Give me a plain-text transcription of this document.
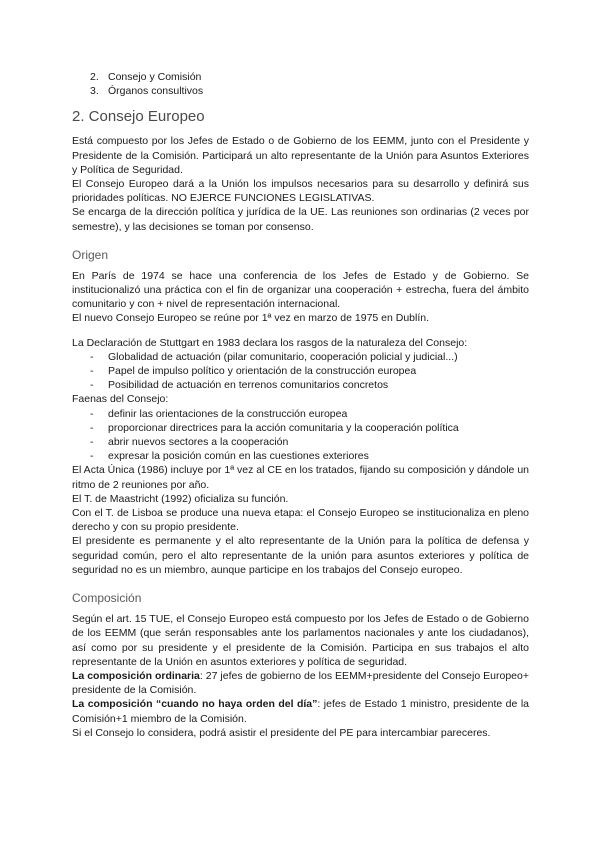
2. Consejo y Comisión
3. Órganos consultivos
2. Consejo Europeo

Está compuesto por los Jefes de Estado o de Gobierno de los EEMM, junto con el Presidente y Presidente de la Comisión. Participará un alto representante de la Unión para Asuntos Exteriores y Política de Seguridad.

El Consejo Europeo dará a la Unión los impulsos necesarios para su desarrollo y definirá sus prioridades políticas. NO EJERCE FUNCIONES LEGISLATIVAS.

Se encarga de la dirección política y jurídica de la UE. Las reuniones son ordinarias (2 veces por semestre), y las decisiones se toman por consenso.

Origen

En París de 1974 se hace una conferencia de los Jefes de Estado y de Gobierno. Se institucionalizó una práctica con el fin de organizar una cooperación + estrecha, fuera del ámbito comunitario y con + nivel de representación internacional.

El nuevo Consejo Europeo se reúne por 1ª vez en marzo de 1975 en Dublín.

La Declaración de Stuttgart en 1983 declara los rasgos de la naturaleza del Consejo:

- Globalidad de actuación (pilar comunitario, cooperación policial y judicial...)
- Papel de impulso político y orientación de la construcción europea
- Posibilidad de actuación en terrenos comunitarios concretos

Faenas del Consejo:

- definir las orientaciones de la construcción europea
- proporcionar directrices para la acción comunitaria y la cooperación política
- abrir nuevos sectores a la cooperación
- expresar la posición común en las cuestiones exteriores

El Acta Única (1986) incluye por 1ª vez al CE en los tratados, fijando su composición y dándole un ritmo de 2 reuniones por año.

El T. de Maastricht (1992) oficializa su función.

Con el T. de Lisboa se produce una nueva etapa: el Consejo Europeo se institucionaliza en pleno derecho y con su propio presidente.

El presidente es permanente y el alto representante de la Unión para la política de defensa y seguridad común, pero el alto representante de la unión para asuntos exteriores y política de seguridad no es un miembro, aunque participe en los trabajos del Consejo europeo.

Composición

Según el art. 15 TUE, el Consejo Europeo está compuesto por los Jefes de Estado o de Gobierno de los EEMM (que serán responsables ante los parlamentos nacionales y ante los ciudadanos), así como por su presidente y el presidente de la Comisión. Participa en sus trabajos el alto representante de la Unión en asuntos exteriores y política de seguridad.

La composición ordinaria: 27 jefes de gobierno de los EEMM+presidente del Consejo Europeo+ presidente de la Comisión.

La composición “cuando no haya orden del día”: jefes de Estado 1 ministro, presidente de la Comisión+1 miembro de la Comisión.

Si el Consejo lo considera, podrá asistir el presidente del PE para intercambiar pareceres.
